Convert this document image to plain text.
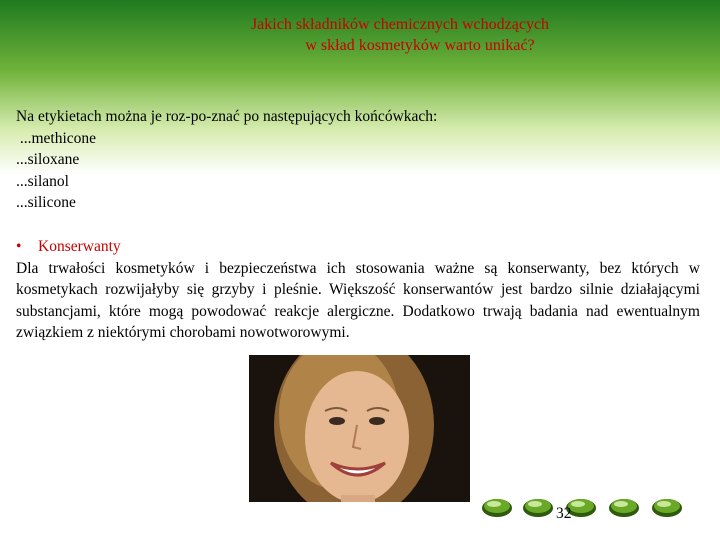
Jakich składników chemicznych wchodzących
w skład kosmetyków warto unikać?
Na etykietach można je roz-po-znać po następujących końcówkach:
...methicone
...siloxane
...silanol
...silicone
• Konserwanty
Dla trwałości kosmetyków i bezpieczeństwa ich stosowania ważne są konserwanty, bez których w kosmetykach rozwijałyby się grzyby i pleśnie. Większość konserwantów jest bardzo silnie działającymi substancjami, które mogą powodować reakcje alergiczne. Dodatkowo trwają badania nad ewentualnym związkiem z niektórymi chorobami nowotworowymi.
32
